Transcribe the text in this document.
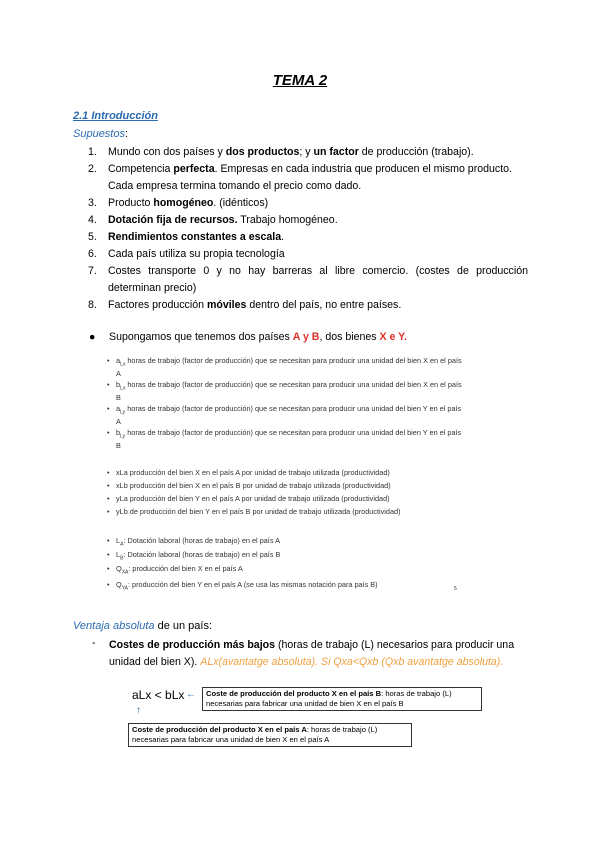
TEMA 2
2.1 Introducción
Supuestos:
1. Mundo con dos países y dos productos; y un factor de producción (trabajo).
2. Competencia perfecta. Empresas en cada industria que producen el mismo producto. Cada empresa termina tomando el precio como dado.
3. Producto homogéneo. (idénticos)
4. Dotación fija de recursos. Trabajo homogéneo.
5. Rendimientos constantes a escala.
6. Cada país utiliza su propia tecnología
7. Costes transporte 0 y no hay barreras al libre comercio. (costes de producción determinan precio)
8. Factores producción móviles dentro del país, no entre países.
● Supongamos que tenemos dos países A y B, dos bienes X e Y.
• $a_{Lx}$ horas de trabajo (factor de producción) que se necesitan para producir una unidad del bien X en el país A
• $b_{Lx}$ horas de trabajo (factor de producción) que se necesitan para producir una unidad del bien X en el país B
• $a_{Ly}$ horas de trabajo (factor de producción) que se necesitan para producir una unidad del bien Y en el país A
• $b_{Ly}$ horas de trabajo (factor de producción) que se necesitan para producir una unidad del bien Y en el país B
• xLa producción del bien X en el país A por unidad de trabajo utilizada (productividad)
• xLb producción del bien X en el país B por unidad de trabajo utilizada (productividad)
• yLa producción del bien Y en el país A por unidad de trabajo utilizada (productividad)
• yLb de producción del bien Y en el país B por unidad de trabajo utilizada (productividad)
• $L_A$: Dotación laboral (horas de trabajo) en el país A
• $L_B$: Dotación laboral (horas de trabajo) en el país B
• $Q_{XA}$: producción del bien X en el país A
• $Q_{YA}$: producción del bien Y en el país A (se usa las mismas notación para país B)	5
Ventaja absoluta de un país:
- Costes de producción más bajos (horas de trabajo (L) necesarios para producir una unidad del bien X). ALx(avantatge absoluta). Si Qxa<Qxb (Qxb avantatge absoluta).
aLx < bLx ←
↑
Coste de producción del producto X en el país B: horas de trabajo (L) necesarias para fabricar una unidad de bien X en el país B
Coste de producción del producto X en el país A: horas de trabajo (L) necesarias para fabricar una unidad de bien X en el país A
